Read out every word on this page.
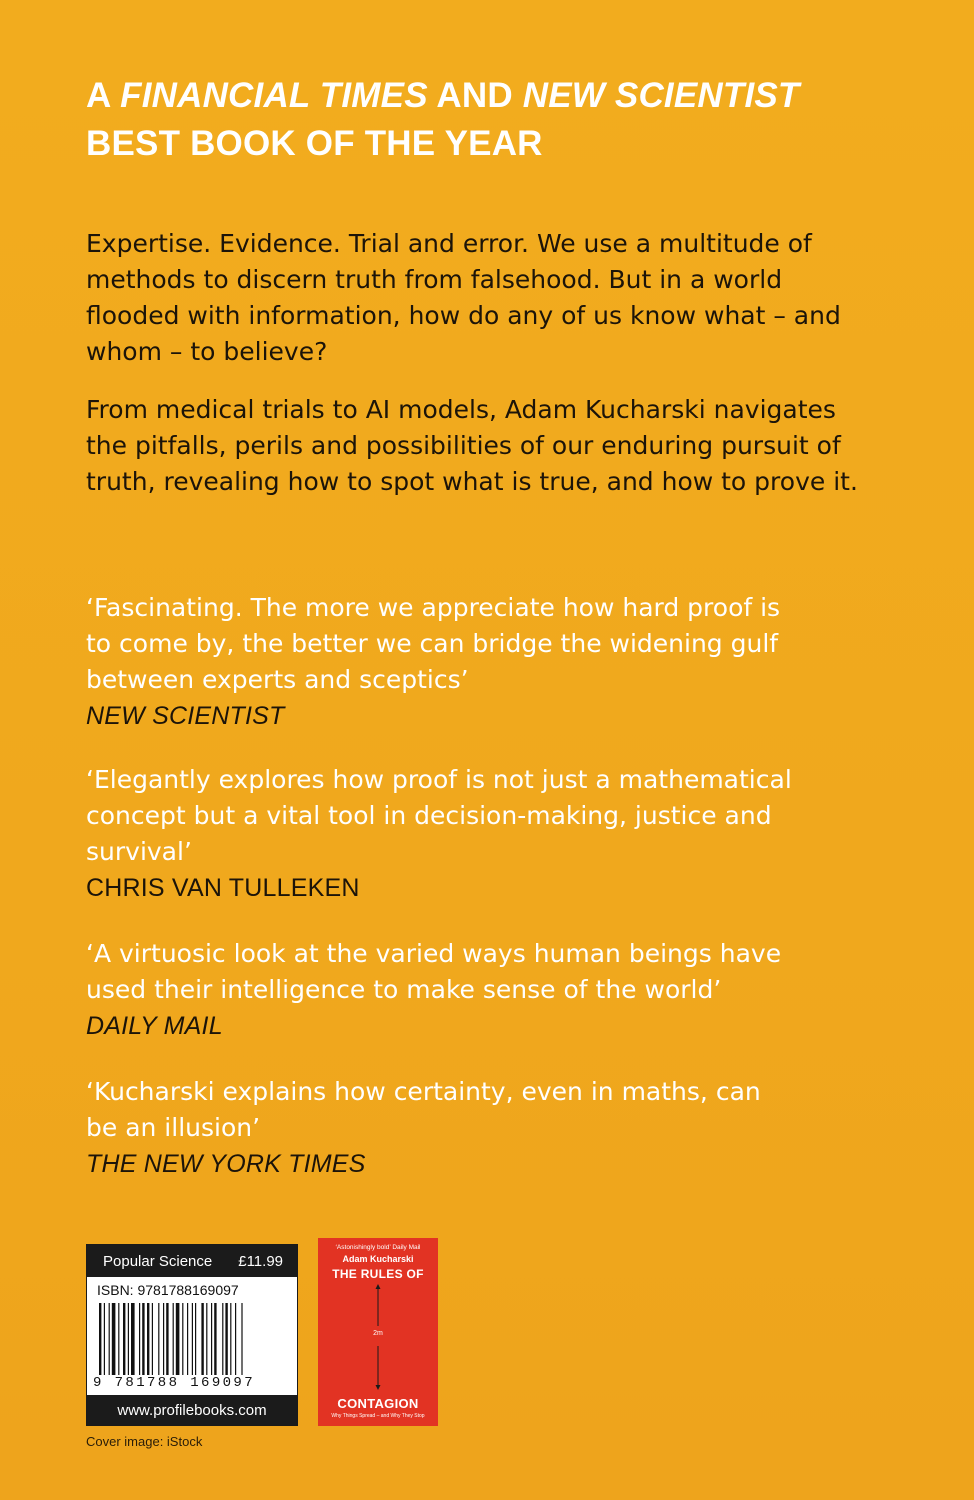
A FINANCIAL TIMES AND NEW SCIENTIST
BEST BOOK OF THE YEAR

Expertise. Evidence. Trial and error. We use a multitude of methods to discern truth from falsehood. But in a world flooded with information, how do any of us know what – and whom – to believe?

From medical trials to AI models, Adam Kucharski navigates the pitfalls, perils and possibilities of our enduring pursuit of truth, revealing how to spot what is true, and how to prove it.

‘Fascinating. The more we appreciate how hard proof is to come by, the better we can bridge the widening gulf between experts and sceptics’

NEW SCIENTIST

‘Elegantly explores how proof is not just a mathematical concept but a vital tool in decision-making, justice and survival’

CHRIS VAN TULLEKEN

‘A virtuosic look at the varied ways human beings have used their intelligence to make sense of the world’

DAILY MAIL

‘Kucharski explains how certainty, even in maths, can be an illusion’

THE NEW YORK TIMES

Popular Science £11.99
ISBN: 9781788169097
9 781788 169097
www.profilebooks.com
‘Astonishingly bold’ Daily Mail
Adam Kucharski
THE RULES OF
2m
CONTAGION
Why Things Spread – and Why They Stop
Cover image: iStock
